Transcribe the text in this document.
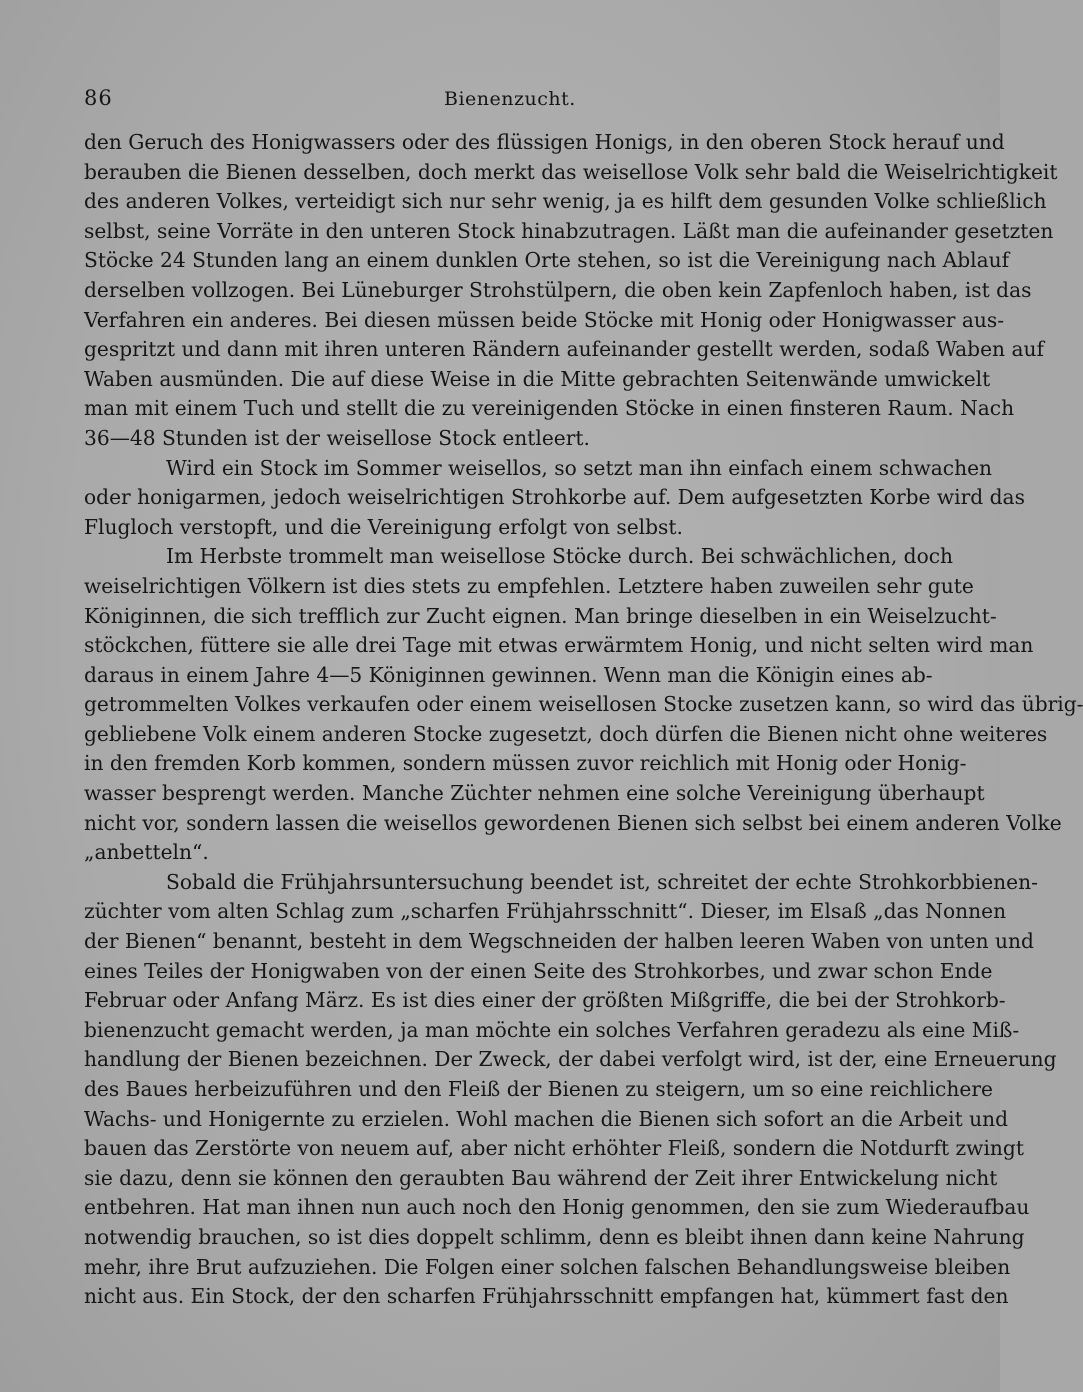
86	Bienenzucht.
den Geruch des Honigwassers oder des flüssigen Honigs, in den oberen Stock herauf und
berauben die Bienen desselben, doch merkt das weisellose Volk sehr bald die Weiselrichtigkeit
des anderen Volkes, verteidigt sich nur sehr wenig, ja es hilft dem gesunden Volke schließlich
selbst, seine Vorräte in den unteren Stock hinabzutragen. Läßt man die aufeinander gesetzten
Stöcke 24 Stunden lang an einem dunklen Orte stehen, so ist die Vereinigung nach Ablauf
derselben vollzogen. Bei Lüneburger Strohstülpern, die oben kein Zapfenloch haben, ist das
Verfahren ein anderes. Bei diesen müssen beide Stöcke mit Honig oder Honigwasser aus-
gespritzt und dann mit ihren unteren Rändern aufeinander gestellt werden, sodaß Waben auf
Waben ausmünden. Die auf diese Weise in die Mitte gebrachten Seitenwände umwickelt
man mit einem Tuch und stellt die zu vereinigenden Stöcke in einen finsteren Raum. Nach
36—48 Stunden ist der weisellose Stock entleert.
Wird ein Stock im Sommer weisellos, so setzt man ihn einfach einem schwachen
oder honigarmen, jedoch weiselrichtigen Strohkorbe auf. Dem aufgesetzten Korbe wird das
Flugloch verstopft, und die Vereinigung erfolgt von selbst.
Im Herbste trommelt man weisellose Stöcke durch. Bei schwächlichen, doch
weiselrichtigen Völkern ist dies stets zu empfehlen. Letztere haben zuweilen sehr gute
Königinnen, die sich trefflich zur Zucht eignen. Man bringe dieselben in ein Weiselzucht-
stöckchen, füttere sie alle drei Tage mit etwas erwärmtem Honig, und nicht selten wird man
daraus in einem Jahre 4—5 Königinnen gewinnen. Wenn man die Königin eines ab-
getrommelten Volkes verkaufen oder einem weisellosen Stocke zusetzen kann, so wird das übrig-
gebliebene Volk einem anderen Stocke zugesetzt, doch dürfen die Bienen nicht ohne weiteres
in den fremden Korb kommen, sondern müssen zuvor reichlich mit Honig oder Honig-
wasser besprengt werden. Manche Züchter nehmen eine solche Vereinigung überhaupt
nicht vor, sondern lassen die weisellos gewordenen Bienen sich selbst bei einem anderen Volke
„anbetteln“.
Sobald die Frühjahrsuntersuchung beendet ist, schreitet der echte Strohkorbbienen-
züchter vom alten Schlag zum „scharfen Frühjahrsschnitt“. Dieser, im Elsaß „das Nonnen
der Bienen“ benannt, besteht in dem Wegschneiden der halben leeren Waben von unten und
eines Teiles der Honigwaben von der einen Seite des Strohkorbes, und zwar schon Ende
Februar oder Anfang März. Es ist dies einer der größten Mißgriffe, die bei der Strohkorb-
bienenzucht gemacht werden, ja man möchte ein solches Verfahren geradezu als eine Miß-
handlung der Bienen bezeichnen. Der Zweck, der dabei verfolgt wird, ist der, eine Erneuerung
des Baues herbeizuführen und den Fleiß der Bienen zu steigern, um so eine reichlichere
Wachs- und Honigernte zu erzielen. Wohl machen die Bienen sich sofort an die Arbeit und
bauen das Zerstörte von neuem auf, aber nicht erhöhter Fleiß, sondern die Notdurft zwingt
sie dazu, denn sie können den geraubten Bau während der Zeit ihrer Entwickelung nicht
entbehren. Hat man ihnen nun auch noch den Honig genommen, den sie zum Wiederaufbau
notwendig brauchen, so ist dies doppelt schlimm, denn es bleibt ihnen dann keine Nahrung
mehr, ihre Brut aufzuziehen. Die Folgen einer solchen falschen Behandlungsweise bleiben
nicht aus. Ein Stock, der den scharfen Frühjahrsschnitt empfangen hat, kümmert fast den
